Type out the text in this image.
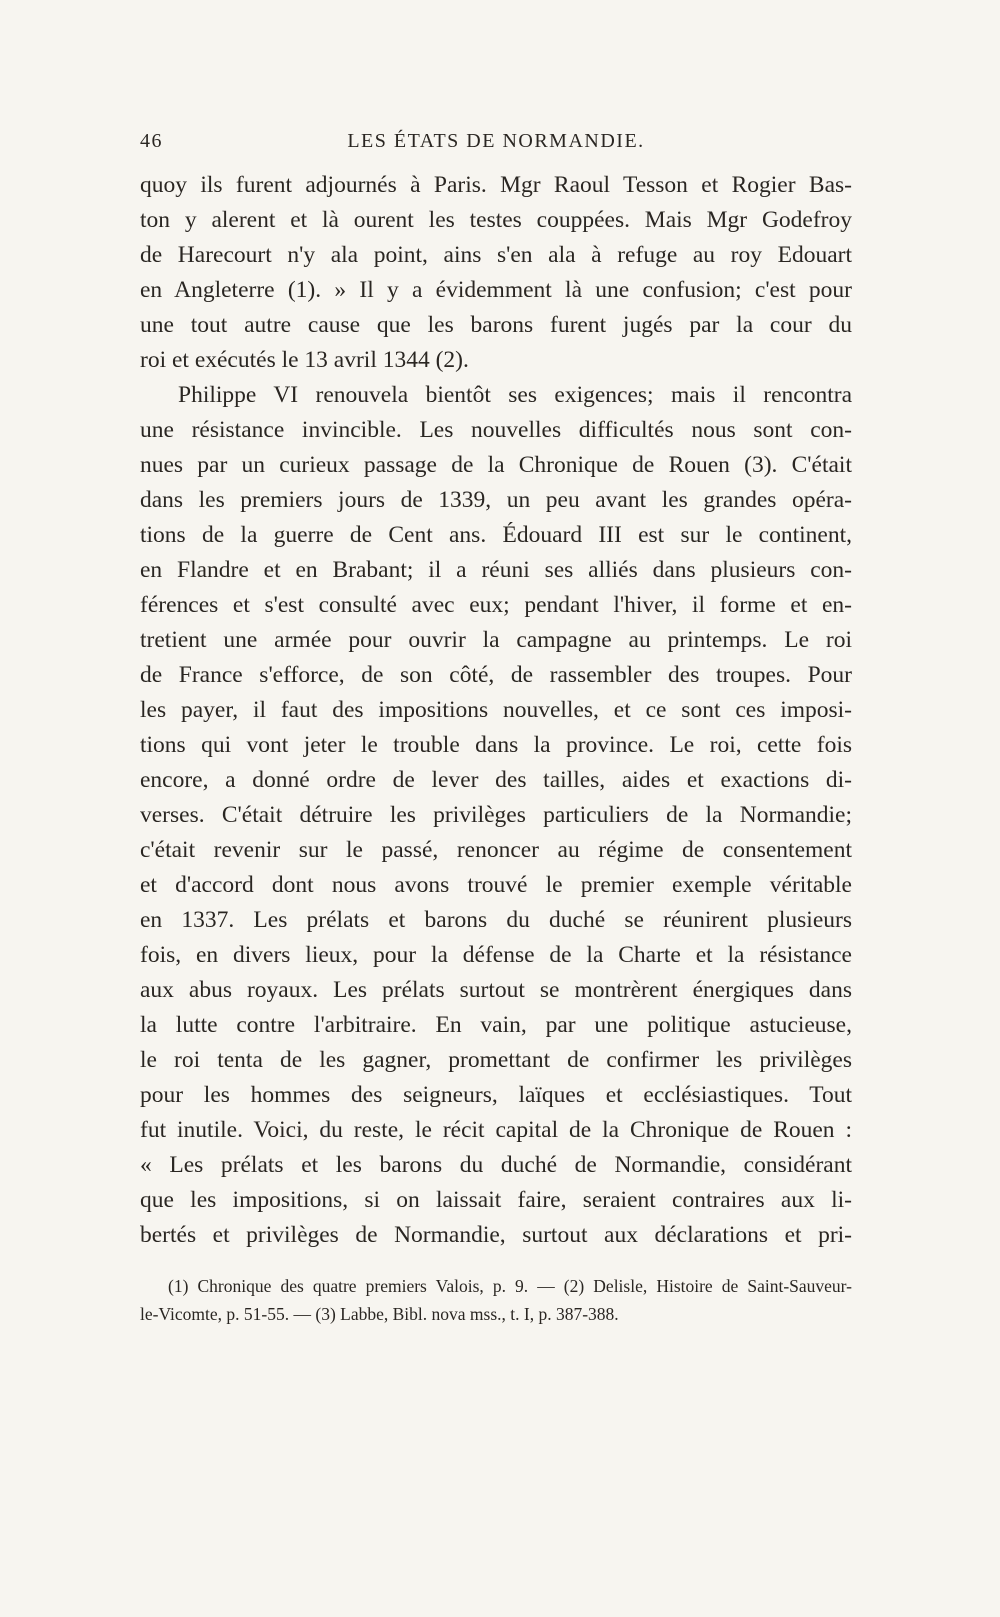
46	LES ÉTATS DE NORMANDIE.
quoy ils furent adjournés à Paris. Mgr Raoul Tesson et Rogier Bas-
ton y alerent et là ourent les testes couppées. Mais Mgr Godefroy
de Harecourt n'y ala point, ains s'en ala à refuge au roy Edouart
en Angleterre (1). » Il y a évidemment là une confusion; c'est pour
une tout autre cause que les barons furent jugés par la cour du
roi et exécutés le 13 avril 1344 (2).
Philippe VI renouvela bientôt ses exigences; mais il rencontra
une résistance invincible. Les nouvelles difficultés nous sont con-
nues par un curieux passage de la Chronique de Rouen (3). C'était
dans les premiers jours de 1339, un peu avant les grandes opéra-
tions de la guerre de Cent ans. Édouard III est sur le continent,
en Flandre et en Brabant; il a réuni ses alliés dans plusieurs con-
férences et s'est consulté avec eux; pendant l'hiver, il forme et en-
tretient une armée pour ouvrir la campagne au printemps. Le roi
de France s'efforce, de son côté, de rassembler des troupes. Pour
les payer, il faut des impositions nouvelles, et ce sont ces imposi-
tions qui vont jeter le trouble dans la province. Le roi, cette fois
encore, a donné ordre de lever des tailles, aides et exactions di-
verses. C'était détruire les privilèges particuliers de la Normandie;
c'était revenir sur le passé, renoncer au régime de consentement
et d'accord dont nous avons trouvé le premier exemple véritable
en 1337. Les prélats et barons du duché se réunirent plusieurs
fois, en divers lieux, pour la défense de la Charte et la résistance
aux abus royaux. Les prélats surtout se montrèrent énergiques dans
la lutte contre l'arbitraire. En vain, par une politique astucieuse,
le roi tenta de les gagner, promettant de confirmer les privilèges
pour les hommes des seigneurs, laïques et ecclésiastiques. Tout
fut inutile. Voici, du reste, le récit capital de la Chronique de Rouen :
« Les prélats et les barons du duché de Normandie, considérant
que les impositions, si on laissait faire, seraient contraires aux li-
bertés et privilèges de Normandie, surtout aux déclarations et pri-
(1) Chronique des quatre premiers Valois, p. 9. — (2) Delisle, Histoire de Saint-Sauveur-
le-Vicomte, p. 51-55. — (3) Labbe, Bibl. nova mss., t. I, p. 387-388.
